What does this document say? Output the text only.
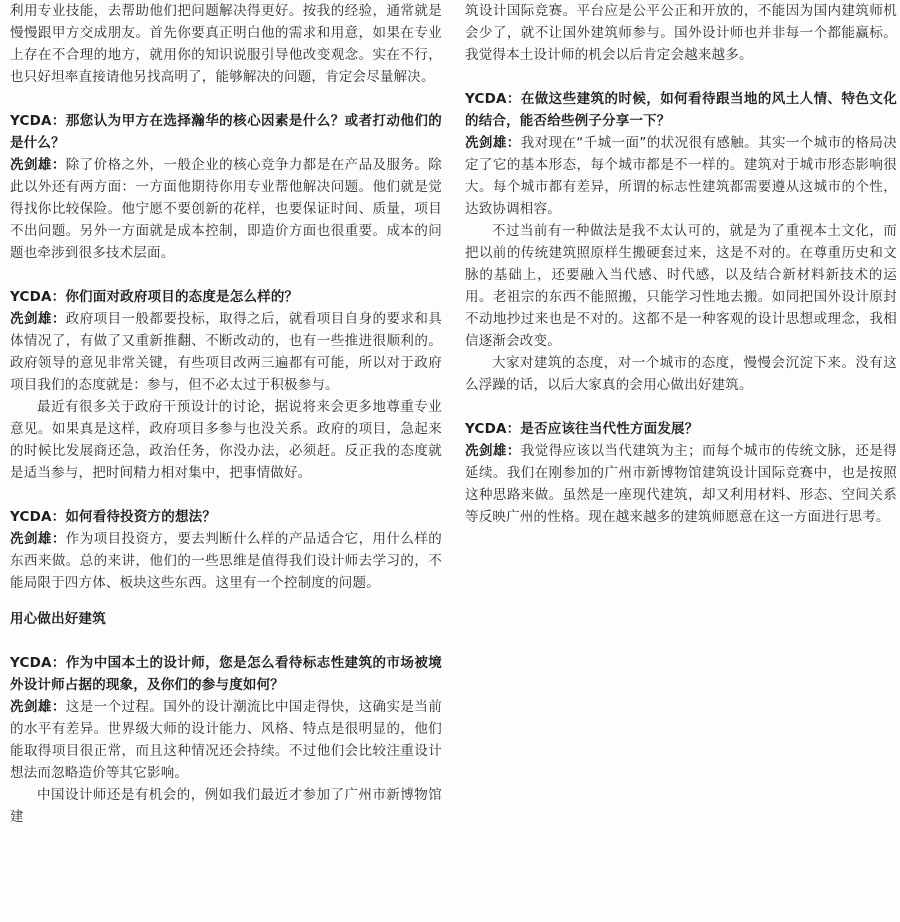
利用专业技能，去帮助他们把问题解决得更好。按我的经验，通常就是慢慢跟甲方交成朋友。首先你要真正明白他的需求和用意，如果在专业上存在不合理的地方，就用你的知识说服引导他改变观念。实在不行，也只好坦率直接请他另找高明了，能够解决的问题，肯定会尽量解决。

YCDA：那您认为甲方在选择瀚华的核心因素是什么？或者打动他们的是什么？

冼剑雄：除了价格之外，一般企业的核心竞争力都是在产品及服务。除此以外还有两方面：一方面他期待你用专业帮他解决问题。他们就是觉得找你比较保险。他宁愿不要创新的花样，也要保证时间、质量，项目不出问题。另外一方面就是成本控制，即造价方面也很重要。成本的问题也牵涉到很多技术层面。

YCDA：你们面对政府项目的态度是怎么样的？

冼剑雄：政府项目一般都要投标，取得之后，就看项目自身的要求和具体情况了，有做了又重新推翻、不断改动的，也有一些推进很顺利的。政府领导的意见非常关键，有些项目改两三遍都有可能，所以对于政府项目我们的态度就是：参与，但不必太过于积极参与。

最近有很多关于政府干预设计的讨论，据说将来会更多地尊重专业意见。如果真是这样，政府项目多参与也没关系。政府的项目，急起来的时候比发展商还急，政治任务，你没办法，必须赶。反正我的态度就是适当参与，把时间精力相对集中，把事情做好。

YCDA：如何看待投资方的想法？

冼剑雄：作为项目投资方，要去判断什么样的产品适合它，用什么样的东西来做。总的来讲，他们的一些思维是值得我们设计师去学习的，不能局限于四方体、板块这些东西。这里有一个控制度的问题。

用心做出好建筑

YCDA：作为中国本土的设计师，您是怎么看待标志性建筑的市场被境外设计师占据的现象，及你们的参与度如何？

冼剑雄：这是一个过程。国外的设计潮流比中国走得快，这确实是当前的水平有差异。世界级大师的设计能力、风格、特点是很明显的，他们能取得项目很正常，而且这种情况还会持续。不过他们会比较注重设计想法而忽略造价等其它影响。

中国设计师还是有机会的，例如我们最近才参加了广州市新博物馆建

筑设计国际竞赛。平台应是公平公正和开放的，不能因为国内建筑师机会少了，就不让国外建筑师参与。国外设计师也并非每一个都能赢标。我觉得本土设计师的机会以后肯定会越来越多。

YCDA：在做这些建筑的时候，如何看待跟当地的风土人情、特色文化的结合，能否给些例子分享一下？

冼剑雄：我对现在“千城一面”的状况很有感触。其实一个城市的格局决定了它的基本形态，每个城市都是不一样的。建筑对于城市形态影响很大。每个城市都有差异，所谓的标志性建筑都需要遵从这城市的个性，达致协调相容。

不过当前有一种做法是我不太认可的，就是为了重视本土文化，而把以前的传统建筑照原样生搬硬套过来，这是不对的。在尊重历史和文脉的基础上，还要融入当代感、时代感，以及结合新材料新技术的运用。老祖宗的东西不能照搬，只能学习性地去搬。如同把国外设计原封不动地抄过来也是不对的。这都不是一种客观的设计思想或理念，我相信逐渐会改变。

大家对建筑的态度，对一个城市的态度，慢慢会沉淀下来。没有这么浮躁的话，以后大家真的会用心做出好建筑。

YCDA：是否应该往当代性方面发展？

冼剑雄：我觉得应该以当代建筑为主；而每个城市的传统文脉，还是得延续。我们在刚参加的广州市新博物馆建筑设计国际竞赛中，也是按照这种思路来做。虽然是一座现代建筑，却又利用材料、形态、空间关系等反映广州的性格。现在越来越多的建筑师愿意在这一方面进行思考。
